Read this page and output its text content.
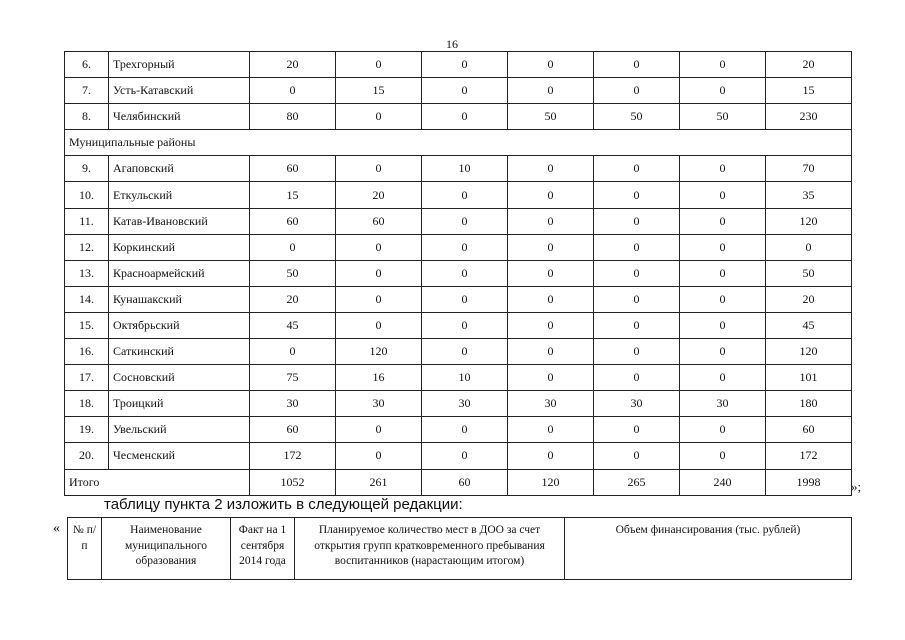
16
6.	Трехгорный	20	0	0	0	0	0	20
7.	Усть-Катавский	0	15	0	0	0	0	15
8.	Челябинский	80	0	0	50	50	50	230
Муниципальные районы								
9.	Агаповский	60	0	10	0	0	0	70
10.	Еткульский	15	20	0	0	0	0	35
11.	Катав-Ивановский	60	60	0	0	0	0	120
12.	Коркинский	0	0	0	0	0	0	0
13.	Красноармейский	50	0	0	0	0	0	50
14.	Кунашакский	20	0	0	0	0	0	20
15.	Октябрьский	45	0	0	0	0	0	45
16.	Саткинский	0	120	0	0	0	0	120
17.	Сосновский	75	16	10	0	0	0	101
18.	Троицкий	30	30	30	30	30	30	180
19.	Увельский	60	0	0	0	0	0	60
20.	Чесменский	172	0	0	0	0	0	172
Итого		1052	261	60	120	265	240	1998 »;
таблицу пункта 2 изложить в следующей редакции:
« № п/п	Наименование муниципального образования	Факт на 1 сентября 2014 года	Планируемое количество мест в ДОО за счет открытия групп кратковременного пребывания воспитанников (нарастающим итогом)	Объем финансирования (тыс. рублей)
